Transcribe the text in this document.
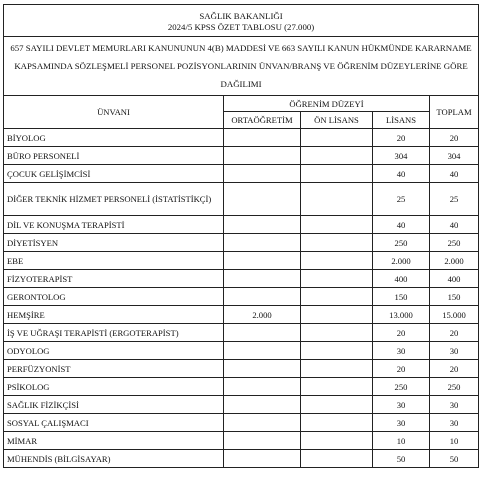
SAĞLIK BAKANLIĞI
2024/5 KPSS ÖZET TABLOSU (27.000)				

657 SAYILI DEVLET MEMURLARI KANUNUNUN 4(B) MADDESİ VE 663 SAYILI KANUN HÜKMÜNDE KARARNAME KAPSAMINDA SÖZLEŞMELİ PERSONEL POZİSYONLARININ ÜNVAN/BRANŞ VE ÖĞRENİM DÜZEYLERİNE GÖRE DAĞILIMI				
ÜNVANI	ÖĞRENİM DÜZEYİ			TOPLAM
	ORTAÖĞRETİM	ÖN LİSANS	LİSANS	
BİYOLOG			20	20
BÜRO PERSONELİ			304	304
ÇOCUK GELİŞİMCİSİ			40	40
DİĞER TEKNİK HİZMET PERSONELİ (İSTATİSTİKÇİ)			25	25
DİL VE KONUŞMA TERAPİSTİ			40	40
DİYETİSYEN			250	250
EBE			2.000	2.000
FİZYOTERAPİST			400	400
GERONTOLOG			150	150
HEMŞİRE	2.000		13.000	15.000
İŞ VE UĞRAŞI TERAPİSTİ (ERGOTERAPİST)			20	20
ODYOLOG			30	30
PERFÜZYONİST			20	20
PSİKOLOG			250	250
SAĞLIK FİZİKÇİSİ			30	30
SOSYAL ÇALIŞMACI			30	30
MİMAR			10	10
MÜHENDİS (BİLGİSAYAR)			50	50
